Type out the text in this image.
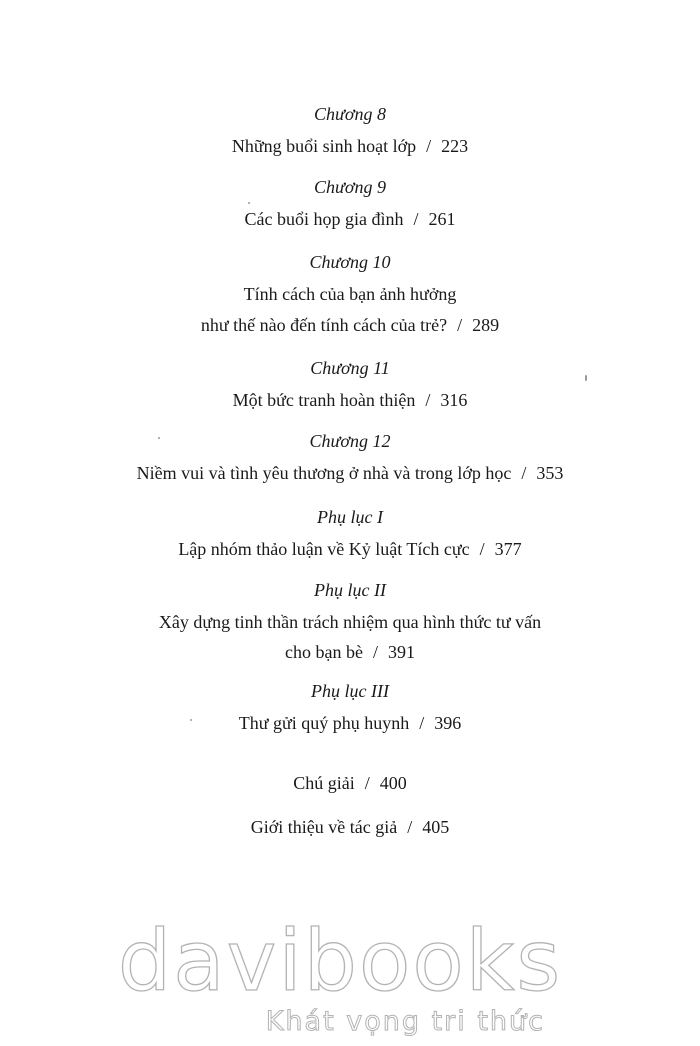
Chương 8
Những buổi sinh hoạt lớp / 223
Chương 9
Các buổi họp gia đình / 261
Chương 10
Tính cách của bạn ảnh hưởng
như thế nào đến tính cách của trẻ? / 289
Chương 11
Một bức tranh hoàn thiện / 316
Chương 12
Niềm vui và tình yêu thương ở nhà và trong lớp học / 353
Phụ lục I
Lập nhóm thảo luận về Kỷ luật Tích cực / 377
Phụ lục II
Xây dựng tinh thần trách nhiệm qua hình thức tư vấn
cho bạn bè / 391
Phụ lục III
Thư gửi quý phụ huynh / 396
Chú giải / 400
Giới thiệu về tác giả / 405
davibooks
Khát vọng tri thức
